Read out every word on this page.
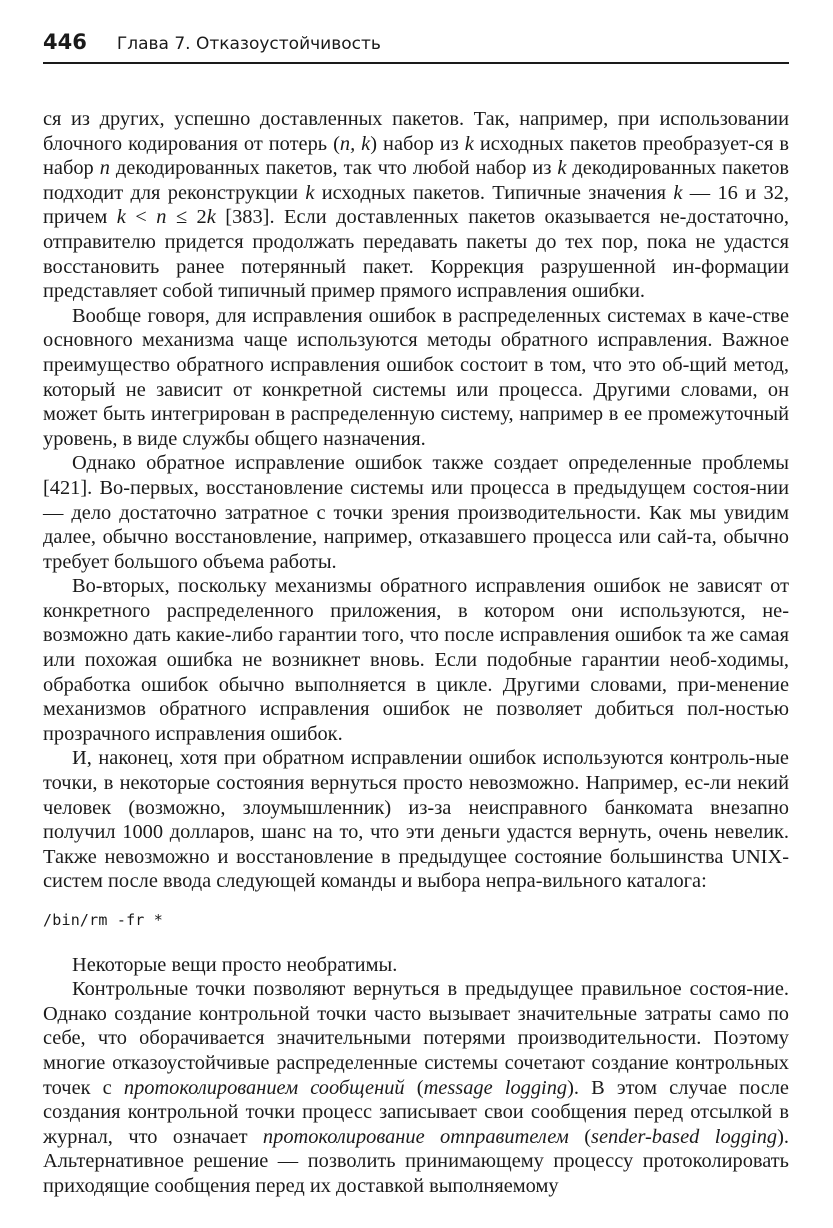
446 Глава 7. Отказоустойчивость

ся из других, успешно доставленных пакетов. Так, например, при использовании блочного кодирования от потерь (n, k) набор из k исходных пакетов преобразует-ся в набор n декодированных пакетов, так что любой набор из k декодированных пакетов подходит для реконструкции k исходных пакетов. Типичные значения k — 16 и 32, причем k < n ≤ 2k [383]. Если доставленных пакетов оказывается не-достаточно, отправителю придется продолжать передавать пакеты до тех пор, пока не удастся восстановить ранее потерянный пакет. Коррекция разрушенной ин-формации представляет собой типичный пример прямого исправления ошибки.

Вообще говоря, для исправления ошибок в распределенных системах в каче-стве основного механизма чаще используются методы обратного исправления. Важное преимущество обратного исправления ошибок состоит в том, что это об-щий метод, который не зависит от конкретной системы или процесса. Другими словами, он может быть интегрирован в распределенную систему, например в ее промежуточный уровень, в виде службы общего назначения.

Однако обратное исправление ошибок также создает определенные проблемы [421]. Во-первых, восстановление системы или процесса в предыдущем состоя-нии — дело достаточно затратное с точки зрения производительности. Как мы увидим далее, обычно восстановление, например, отказавшего процесса или сай-та, обычно требует большого объема работы.

Во-вторых, поскольку механизмы обратного исправления ошибок не зависят от конкретного распределенного приложения, в котором они используются, не-возможно дать какие-либо гарантии того, что после исправления ошибок та же самая или похожая ошибка не возникнет вновь. Если подобные гарантии необ-ходимы, обработка ошибок обычно выполняется в цикле. Другими словами, при-менение механизмов обратного исправления ошибок не позволяет добиться пол-ностью прозрачного исправления ошибок.

И, наконец, хотя при обратном исправлении ошибок используются контроль-ные точки, в некоторые состояния вернуться просто невозможно. Например, ес-ли некий человек (возможно, злоумышленник) из-за неисправного банкомата внезапно получил 1000 долларов, шанс на то, что эти деньги удастся вернуть, очень невелик. Также невозможно и восстановление в предыдущее состояние большинства UNIX-систем после ввода следующей команды и выбора непра-вильного каталога:

/bin/rm -fr *

Некоторые вещи просто необратимы.

Контрольные точки позволяют вернуться в предыдущее правильное состоя-ние. Однако создание контрольной точки часто вызывает значительные затраты само по себе, что оборачивается значительными потерями производительности. Поэтому многие отказоустойчивые распределенные системы сочетают создание контрольных точек с протоколированием сообщений (message logging). В этом случае после создания контрольной точки процесс записывает свои сообщения перед отсылкой в журнал, что означает протоколирование отправителем (sender-based logging). Альтернативное решение — позволить принимающему процессу протоколировать приходящие сообщения перед их доставкой выполняемому
